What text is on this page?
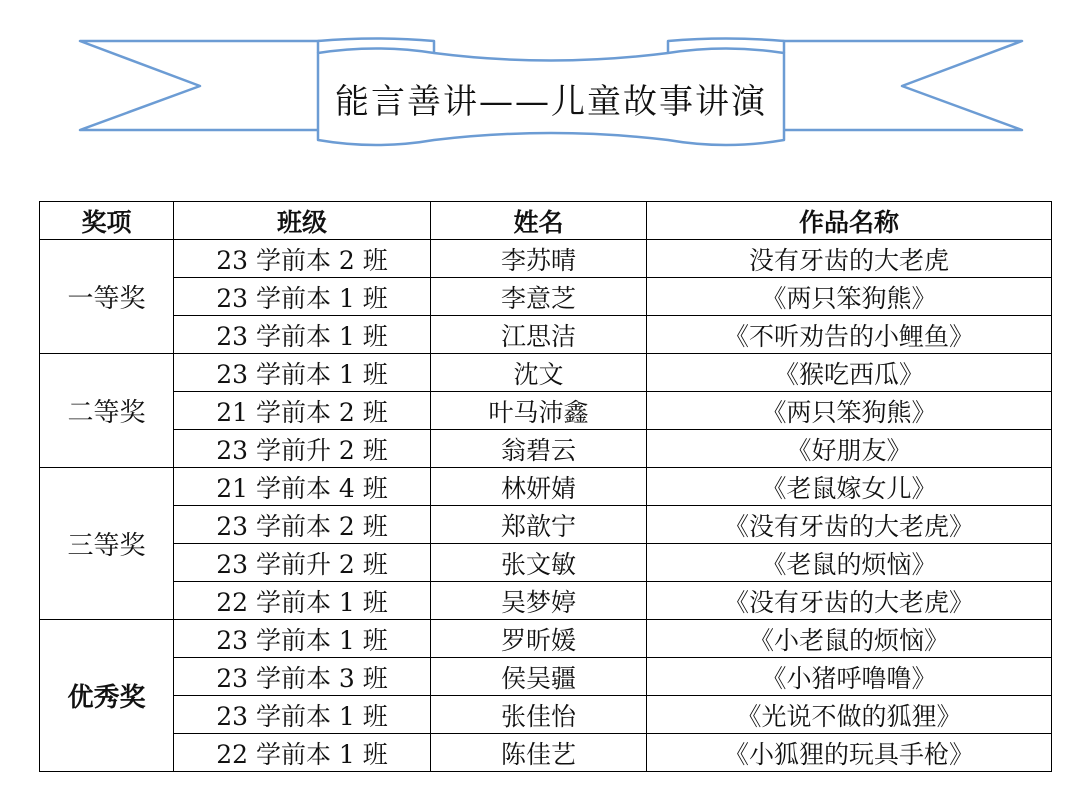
能言善讲——儿童故事讲演
奖项	班级	姓名	作品名称
一等奖	23 学前本 2 班	李苏晴	没有牙齿的大老虎
	23 学前本 1 班	李意芝	《两只笨狗熊》
	23 学前本 1 班	江思洁	《不听劝告的小鲤鱼》
二等奖	23 学前本 1 班	沈文	《猴吃西瓜》
	21 学前本 2 班	叶马沛鑫	《两只笨狗熊》
	23 学前升 2 班	翁碧云	《好朋友》
三等奖	21 学前本 4 班	林妍婧	《老鼠嫁女儿》
	23 学前本 2 班	郑歆宁	《没有牙齿的大老虎》
	23 学前升 2 班	张文敏	《老鼠的烦恼》
	22 学前本 1 班	吴梦婷	《没有牙齿的大老虎》
优秀奖	23 学前本 1 班	罗昕媛	《小老鼠的烦恼》
	23 学前本 3 班	侯吴疆	《小猪呼噜噜》
	23 学前本 1 班	张佳怡	《光说不做的狐狸》
	22 学前本 1 班	陈佳艺	《小狐狸的玩具手枪》
